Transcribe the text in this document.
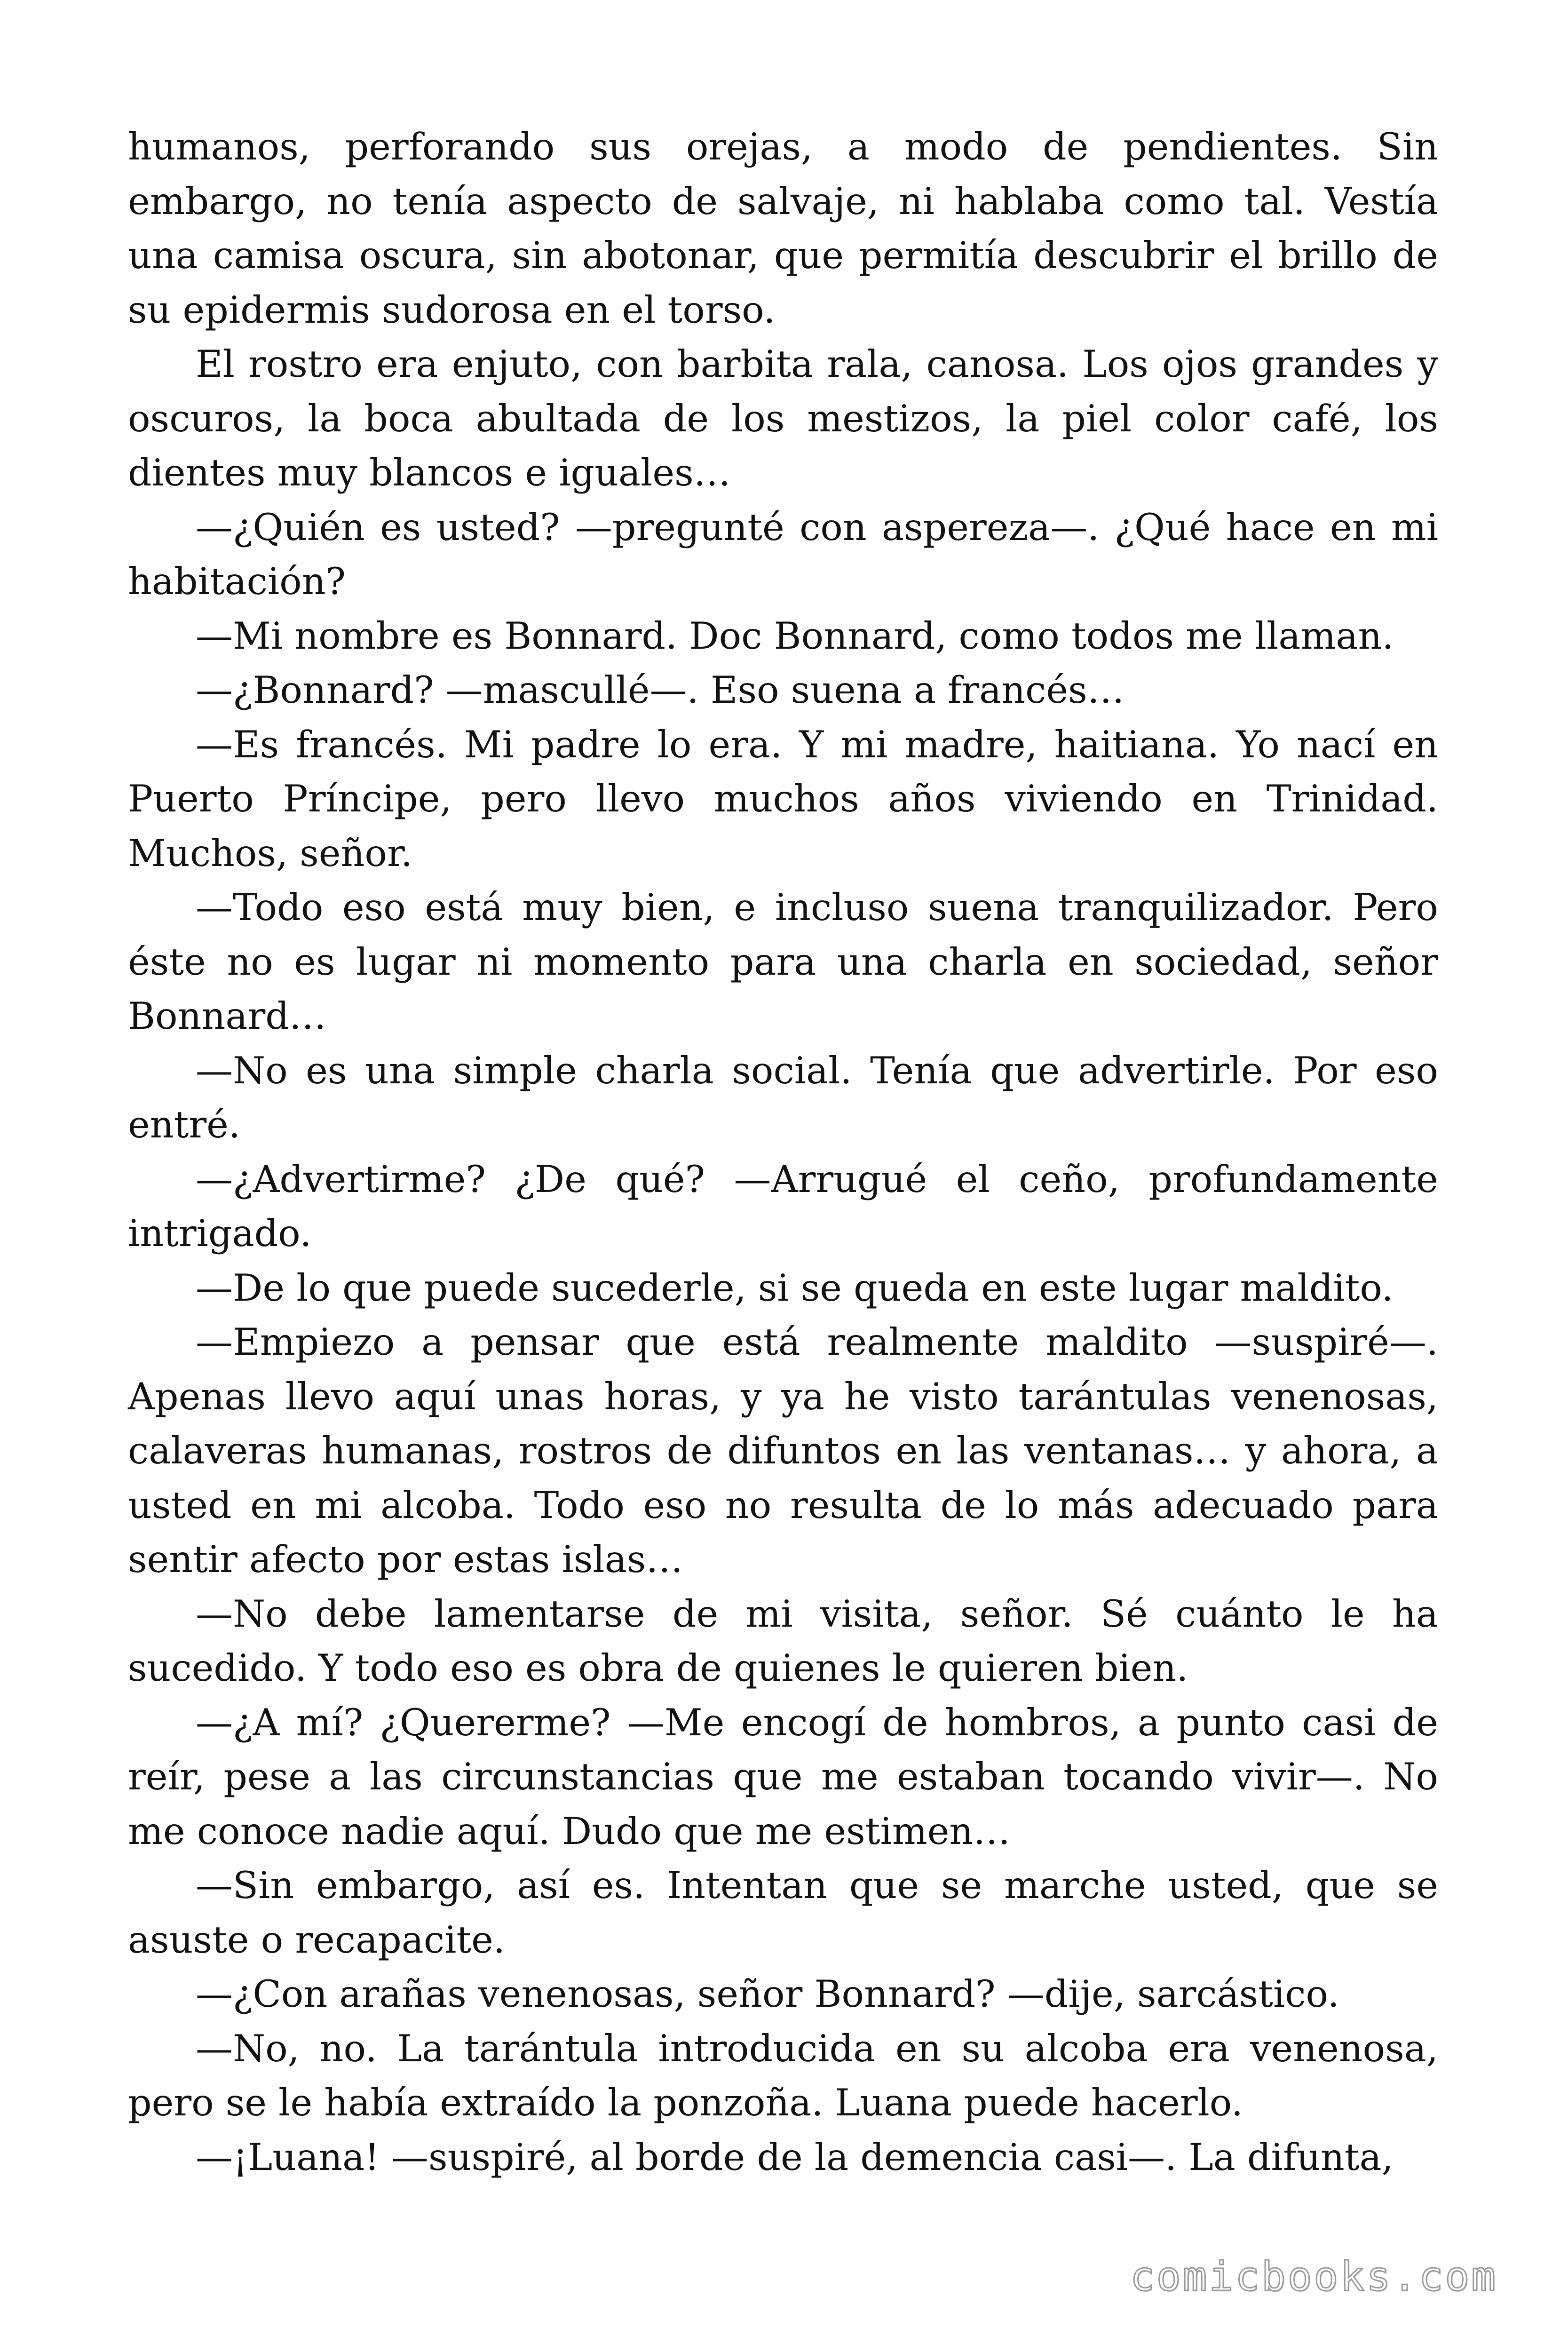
humanos, perforando sus orejas, a modo de pendientes. Sin embargo, no tenía aspecto de salvaje, ni hablaba como tal. Vestía una camisa oscura, sin abotonar, que permitía descubrir el brillo de su epidermis sudorosa en el torso.

El rostro era enjuto, con barbita rala, canosa. Los ojos grandes y oscuros, la boca abultada de los mestizos, la piel color café, los dientes muy blancos e iguales…

—¿Quién es usted? —pregunté con aspereza—. ¿Qué hace en mi habitación?

—Mi nombre es Bonnard. Doc Bonnard, como todos me llaman.

—¿Bonnard? —mascullé—. Eso suena a francés…

—Es francés. Mi padre lo era. Y mi madre, haitiana. Yo nací en Puerto Príncipe, pero llevo muchos años viviendo en Trinidad. Muchos, señor.

—Todo eso está muy bien, e incluso suena tranquilizador. Pero éste no es lugar ni momento para una charla en sociedad, señor Bonnard…

—No es una simple charla social. Tenía que advertirle. Por eso entré.

—¿Advertirme? ¿De qué? —Arrugué el ceño, profundamente intrigado.

—De lo que puede sucederle, si se queda en este lugar maldito.

—Empiezo a pensar que está realmente maldito —suspiré—. Apenas llevo aquí unas horas, y ya he visto tarántulas venenosas, calaveras humanas, rostros de difuntos en las ventanas… y ahora, a usted en mi alcoba. Todo eso no resulta de lo más adecuado para sentir afecto por estas islas…

—No debe lamentarse de mi visita, señor. Sé cuánto le ha sucedido. Y todo eso es obra de quienes le quieren bien.

—¿A mí? ¿Quererme? —Me encogí de hombros, a punto casi de reír, pese a las circunstancias que me estaban tocando vivir—. No me conoce nadie aquí. Dudo que me estimen…

—Sin embargo, así es. Intentan que se marche usted, que se asuste o recapacite.

—¿Con arañas venenosas, señor Bonnard? —dije, sarcástico.

—No, no. La tarántula introducida en su alcoba era venenosa, pero se le había extraído la ponzoña. Luana puede hacerlo.

—¡Luana! —suspiré, al borde de la demencia casi—. La difunta,

comicbooks.com
